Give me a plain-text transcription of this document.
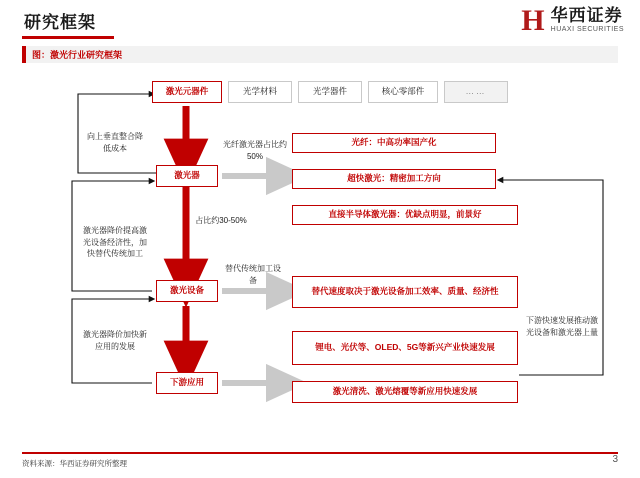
研究框架	H 华西证券
HUAXI SECURITIES
图：激光行业研究框架
激光元器件	光学材料	光学器件	核心零部件	……
激光器
激光设备
下游应用
光纤：中高功率国产化
超快激光：精密加工方向
直接半导体激光器：优缺点明显，前景好
替代速度取决于激光设备加工效率、质量、经济性
锂电、光伏等、OLED、5G等新兴产业快速发展
激光清洗、激光熔覆等新应用快速发展
向上垂直整合降低成本	光纤激光器占比约50%
占比约30-50%
激光器降价提高激光设备经济性，加快替代传统加工
替代传统加工设备
激光器降价加快新应用的发展
下游快速发展推动激光设备和激光器上量
资料来源：华西证券研究所整理	3
